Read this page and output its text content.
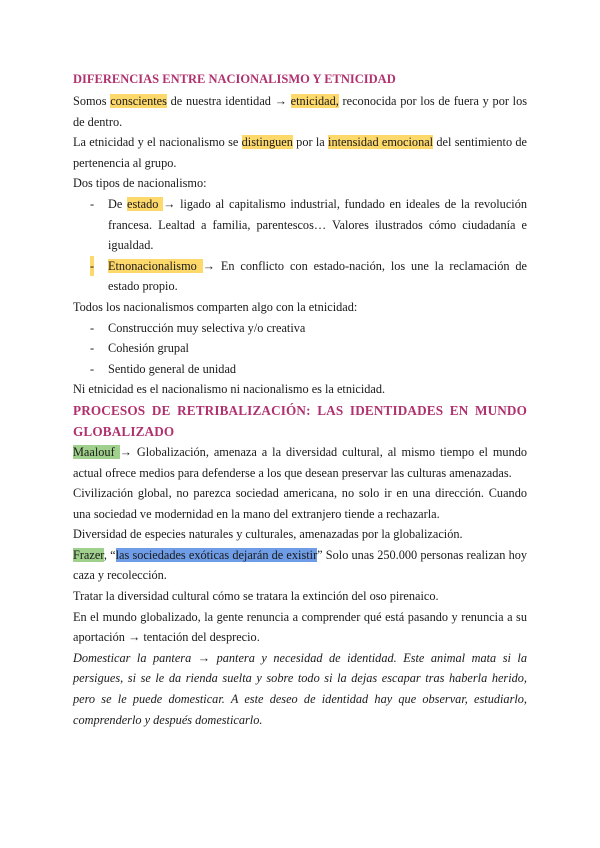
DIFERENCIAS ENTRE NACIONALISMO Y ETNICIDAD

Somos conscientes de nuestra identidad → etnicidad, reconocida por los de fuera y por los de dentro.

La etnicidad y el nacionalismo se distinguen por la intensidad emocional del sentimiento de pertenencia al grupo.

Dos tipos de nacionalismo:

- De estado → ligado al capitalismo industrial, fundado en ideales de la revolución francesa. Lealtad a familia, parentescos… Valores ilustrados cómo ciudadanía e igualdad.
- Etnonacionalismo → En conflicto con estado-nación, los une la reclamación de estado propio.

Todos los nacionalismos comparten algo con la etnicidad:

- Construcción muy selectiva y/o creativa
- Cohesión grupal
- Sentido general de unidad

Ni etnicidad es el nacionalismo ni nacionalismo es la etnicidad.

PROCESOS DE RETRIBALIZACIÓN: LAS IDENTIDADES EN MUNDO GLOBALIZADO

Maalouf → Globalización, amenaza a la diversidad cultural, al mismo tiempo el mundo actual ofrece medios para defenderse a los que desean preservar las culturas amenazadas.

Civilización global, no parezca sociedad americana, no solo ir en una dirección. Cuando una sociedad ve modernidad en la mano del extranjero tiende a rechazarla.

Diversidad de especies naturales y culturales, amenazadas por la globalización.

Frazer, “las sociedades exóticas dejarán de existir” Solo unas 250.000 personas realizan hoy caza y recolección.

Tratar la diversidad cultural cómo se tratara la extinción del oso pirenaico.

En el mundo globalizado, la gente renuncia a comprender qué está pasando y renuncia a su aportación → tentación del desprecio.

Domesticar la pantera → pantera y necesidad de identidad. Este animal mata si la persigues, si se le da rienda suelta y sobre todo si la dejas escapar tras haberla herido, pero se le puede domesticar. A este deseo de identidad hay que observar, estudiarlo, comprenderlo y después domesticarlo.
